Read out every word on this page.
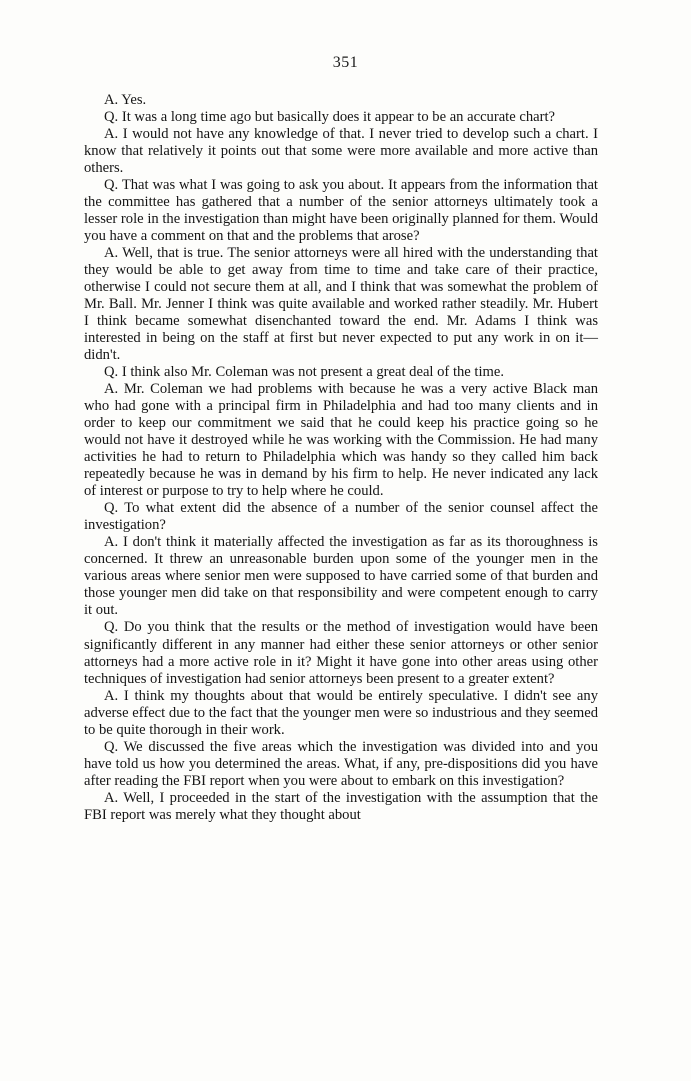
351

A. Yes.

Q. It was a long time ago but basically does it appear to be an accurate chart?

A. I would not have any knowledge of that. I never tried to develop such a chart. I know that relatively it points out that some were more available and more active than others.

Q. That was what I was going to ask you about. It appears from the information that the committee has gathered that a number of the senior attorneys ultimately took a lesser role in the investigation than might have been originally planned for them. Would you have a comment on that and the problems that arose?

A. Well, that is true. The senior attorneys were all hired with the understanding that they would be able to get away from time to time and take care of their practice, otherwise I could not secure them at all, and I think that was somewhat the problem of Mr. Ball. Mr. Jenner I think was quite available and worked rather steadily. Mr. Hubert I think became somewhat disenchanted toward the end. Mr. Adams I think was interested in being on the staff at first but never expected to put any work in on it—didn't.

Q. I think also Mr. Coleman was not present a great deal of the time.

A. Mr. Coleman we had problems with because he was a very active Black man who had gone with a principal firm in Philadelphia and had too many clients and in order to keep our commitment we said that he could keep his practice going so he would not have it destroyed while he was working with the Commission. He had many activities he had to return to Philadelphia which was handy so they called him back repeatedly because he was in demand by his firm to help. He never indicated any lack of interest or purpose to try to help where he could.

Q. To what extent did the absence of a number of the senior counsel affect the investigation?

A. I don't think it materially affected the investigation as far as its thoroughness is concerned. It threw an unreasonable burden upon some of the younger men in the various areas where senior men were supposed to have carried some of that burden and those younger men did take on that responsibility and were competent enough to carry it out.

Q. Do you think that the results or the method of investigation would have been significantly different in any manner had either these senior attorneys or other senior attorneys had a more active role in it? Might it have gone into other areas using other techniques of investigation had senior attorneys been present to a greater extent?

A. I think my thoughts about that would be entirely speculative. I didn't see any adverse effect due to the fact that the younger men were so industrious and they seemed to be quite thorough in their work.

Q. We discussed the five areas which the investigation was divided into and you have told us how you determined the areas. What, if any, pre-dispositions did you have after reading the FBI report when you were about to embark on this investigation?

A. Well, I proceeded in the start of the investigation with the assumption that the FBI report was merely what they thought about
